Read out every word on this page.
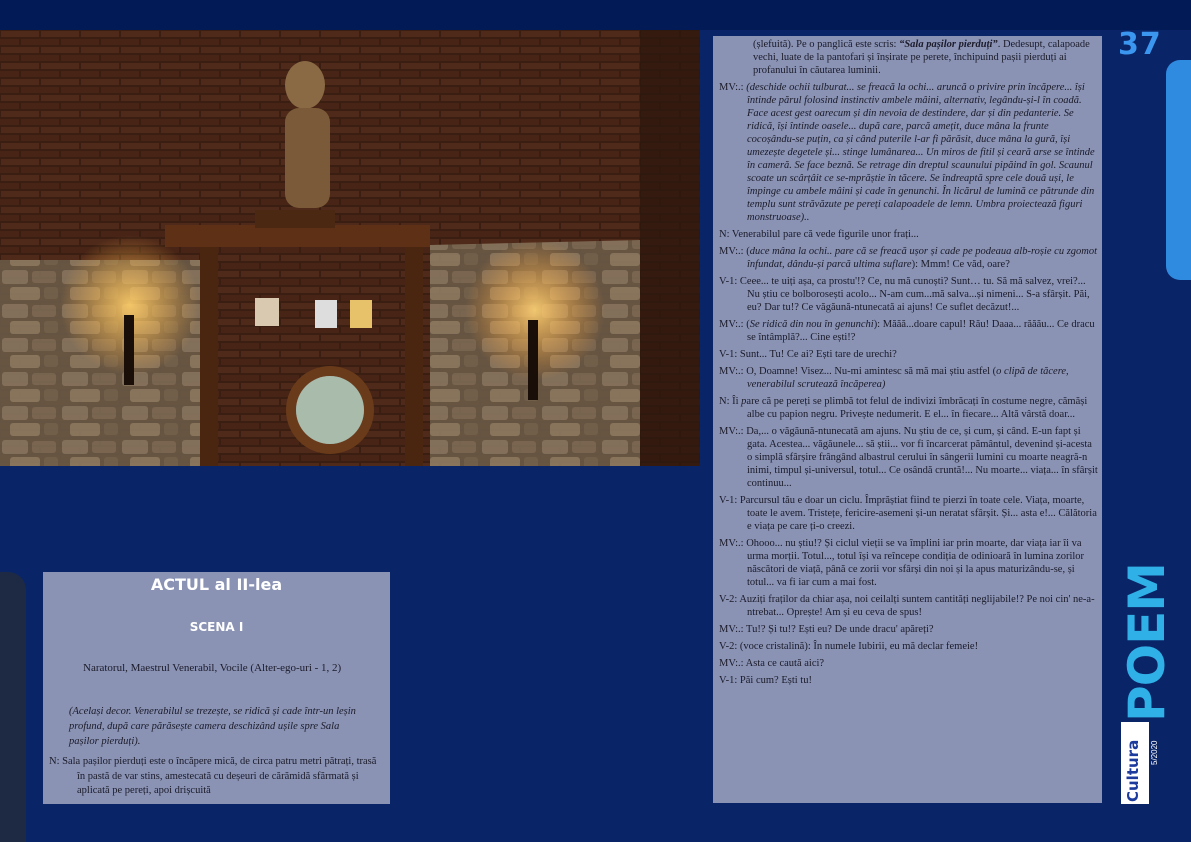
37
ACTUL al II-lea
SCENA I
Naratorul, Maestrul Venerabil, Vocile (Alter-ego-uri - 1, 2)
(Același decor. Venerabilul se trezește, se ridică și cade într-un leșin profund, după care părăsește camera deschizând ușile spre Sala pașilor pierduți).
N: Sala pașilor pierduți este o încăpere mică, de circa patru metri pătrați, trasă în pastă de var stins, amestecată cu deșeuri de cărămidă sfărmată și aplicată pe pereți, apoi drișcuită

(șlefuită). Pe o panglică este scris: “Sala pașilor pierduți”. Dedesupt, calapoade vechi, luate de la pantofari și înșirate pe perete, închipuind pașii pierduți ai profanului în căutarea luminii.

MV:.: (deschide ochii tulburat... se freacă la ochi... aruncă o privire prin încăpere... își întinde părul folosind instinctiv ambele mâini, alternativ, legându-și-l în coadă. Face acest gest oarecum și din nevoia de destindere, dar și din pedanterie. Se ridică, își întinde oasele... după care, parcă amețit, duce mâna la frunte cocoșându-se puțin, ca și când puterile l-ar fi părăsit, duce mâna la gură, își umezește degetele și... stinge lumânarea... Un miros de fitil și ceară arse se întinde în cameră. Se face beznă. Se retrage din dreptul scaunului pipăind în gol. Scaunul scoate un scârțâit ce se-mprăștie în tăcere. Se îndreaptă spre cele două uși, le împinge cu ambele mâini și cade în genunchi. În licărul de lumină ce pătrunde din templu sunt străvăzute pe pereți calapoadele de lemn. Umbra proiectează figuri monstruoase)..

N: Venerabilul pare că vede figurile unor frați...

MV:.: (duce mâna la ochi.. pare că se freacă ușor și cade pe podeaua alb-roșie cu zgomot înfundat, dându-și parcă ultima suflare): Mmm! Ce văd, oare?

V-1: Ceee... te uiți așa, ca prostu'!? Ce, nu mă cunoști? Sunt… tu. Să mă salvez, vrei?... Nu știu ce bolborosești acolo... N-am cum...mă salva...și nimeni... S-a sfârșit. Păi, eu? Dar tu!? Ce văgăună-ntunecată ai ajuns! Ce suflet decăzut!...

MV:.: (Se ridică din nou în genunchi): Măăă...doare capul! Rău! Daaa... răăău... Ce dracu se întâmplă?... Cine ești!?

V-1: Sunt... Tu! Ce ai? Ești tare de urechi?

MV:.: O, Doamne! Visez... Nu-mi amintesc să mă mai știu astfel (o clipă de tăcere, venerabilul scrutează încăperea)

N: Îi pare că pe pereți se plimbă tot felul de indivizi îmbrăcați în costume negre, cămăși albe cu papion negru. Privește nedumerit. E el... în fiecare... Altă vârstă doar...

MV:.: Da,... o văgăună-ntunecată am ajuns. Nu știu de ce, și cum, și când. E-un fapt și gata. Acestea... văgăunele... să știi... vor fi încarcerat pământul, devenind și-acesta o simplă sfârșire frângând albastrul cerului în sângerii lumini cu moarte neagră-n inimi, timpul și-universul, totul... Ce osândă cruntă!... Nu moarte... viața... în sfârșit continuu...

V-1: Parcursul tău e doar un ciclu. Împrăștiat fiind te pierzi în toate cele. Viața, moarte, toate le avem. Tristețe, fericire-asemeni și-un neratat sfârșit. Și... asta e!... Călătoria e viața pe care ți-o creezi.

MV:.: Ohooo... nu știu!? Și ciclul vieții se va împlini iar prin moarte, dar viața iar îi va urma morții. Totul..., totul își va reîncepe condiția de odinioară în lumina zorilor născători de viață, până ce zorii vor sfârși din noi și la apus maturizându-se, și totul... va fi iar cum a mai fost.

V-2: Auziți fraților da chiar așa, noi ceilalți suntem cantități neglijabile!? Pe noi cin' ne-a-ntrebat... Oprește! Am și eu ceva de spus!

MV:.: Tu!? Și tu!? Ești eu? De unde dracu' apăreți?

V-2: (voce cristalină): În numele Iubirii, eu mă declar femeie!

MV:.: Asta ce caută aici?

V-1: Păi cum? Ești tu!	POEM
Cultura 5/2020
